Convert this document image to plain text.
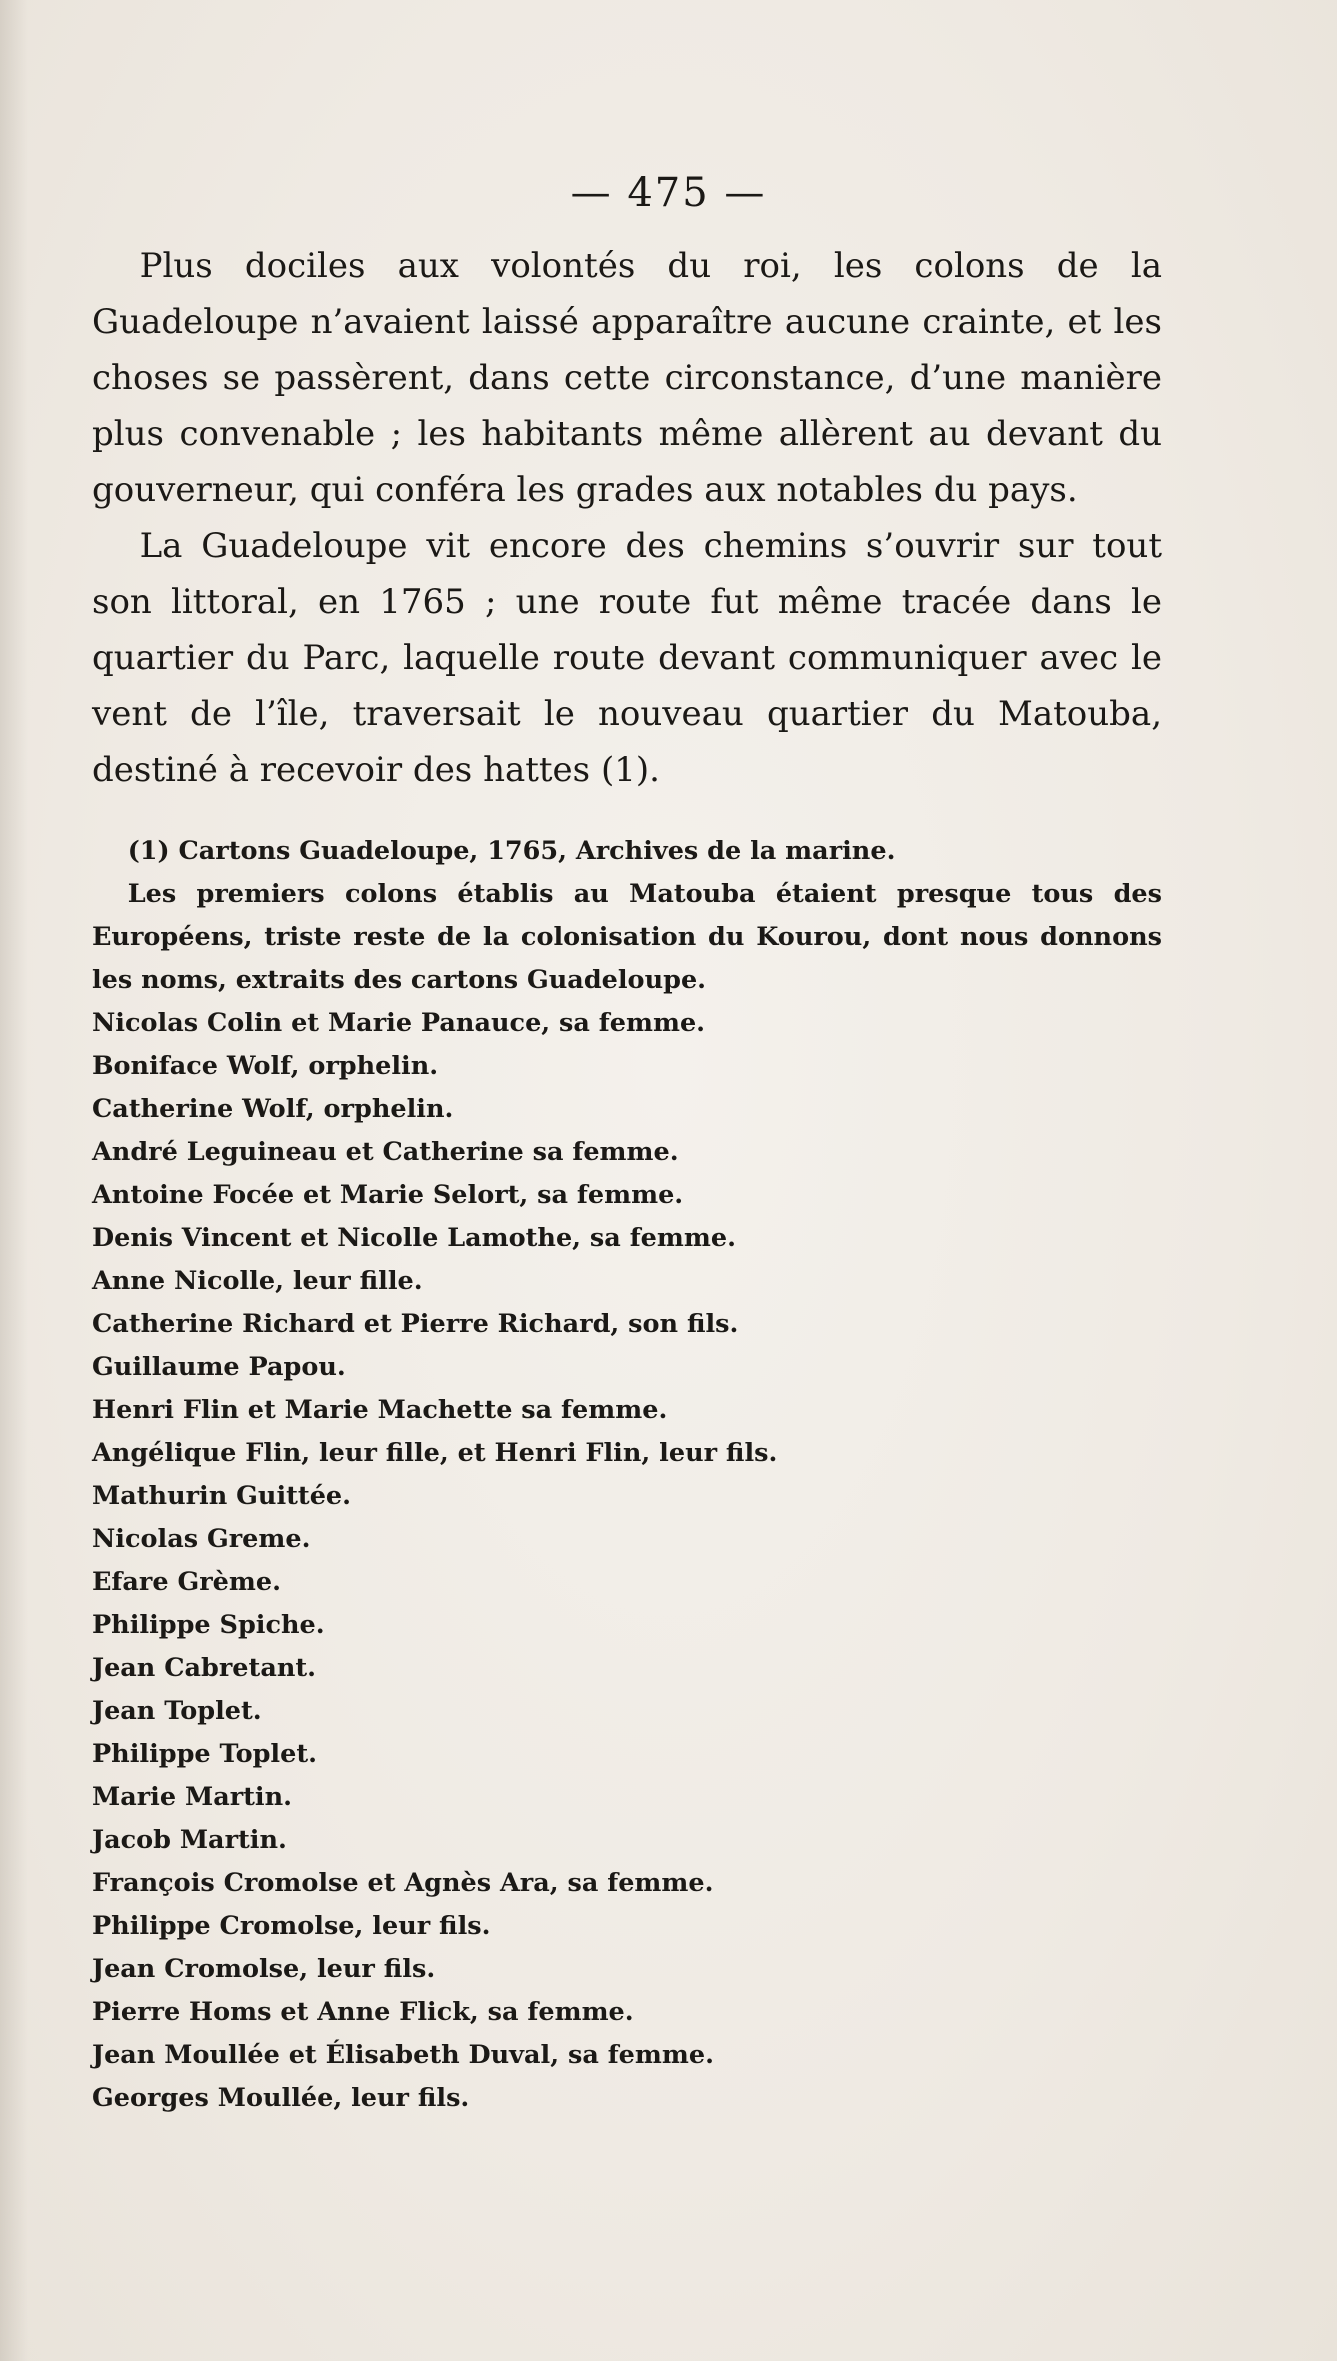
— 475 —

Plus dociles aux volontés du roi, les colons de la Guadeloupe n’avaient laissé apparaître aucune crainte, et les choses se passèrent, dans cette circonstance, d’une manière plus convenable ; les habitants même allèrent au devant du gouverneur, qui conféra les grades aux notables du pays.

La Guadeloupe vit encore des chemins s’ouvrir sur tout son littoral, en 1765 ; une route fut même tracée dans le quartier du Parc, laquelle route devant communiquer avec le vent de l’île, traversait le nouveau quartier du Matouba, destiné à recevoir des hattes (1).

(1) Cartons Guadeloupe, 1765, Archives de la marine.

Les premiers colons établis au Matouba étaient presque tous des Européens, triste reste de la colonisation du Kourou, dont nous donnons les noms, extraits des cartons Guadeloupe.

Nicolas Colin et Marie Panauce, sa femme.
Boniface Wolf, orphelin.
Catherine Wolf, orphelin.
André Leguineau et Catherine sa femme.
Antoine Focée et Marie Selort, sa femme.
Denis Vincent et Nicolle Lamothe, sa femme.
Anne Nicolle, leur fille.
Catherine Richard et Pierre Richard, son fils.
Guillaume Papou.
Henri Flin et Marie Machette sa femme.
Angélique Flin, leur fille, et Henri Flin, leur fils.
Mathurin Guittée.
Nicolas Greme.
Efare Grème.
Philippe Spiche.
Jean Cabretant.
Jean Toplet.
Philippe Toplet.
Marie Martin.
Jacob Martin.
François Cromolse et Agnès Ara, sa femme.
Philippe Cromolse, leur fils.
Jean Cromolse, leur fils.
Pierre Homs et Anne Flick, sa femme.
Jean Moullée et Élisabeth Duval, sa femme.
Georges Moullée, leur fils.
